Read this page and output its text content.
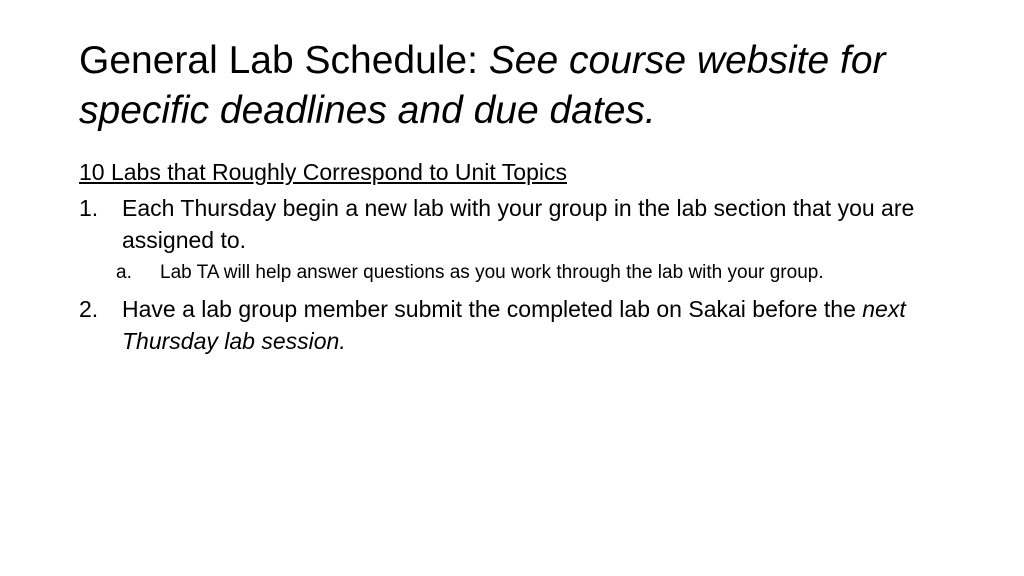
General Lab Schedule: See course website for specific deadlines and due dates.

10 Labs that Roughly Correspond to Unit Topics

1. Each Thursday begin a new lab with your group in the lab section that you are assigned to.
a. Lab TA will help answer questions as you work through the lab with your group.
2. Have a lab group member submit the completed lab on Sakai before the next Thursday lab session.
